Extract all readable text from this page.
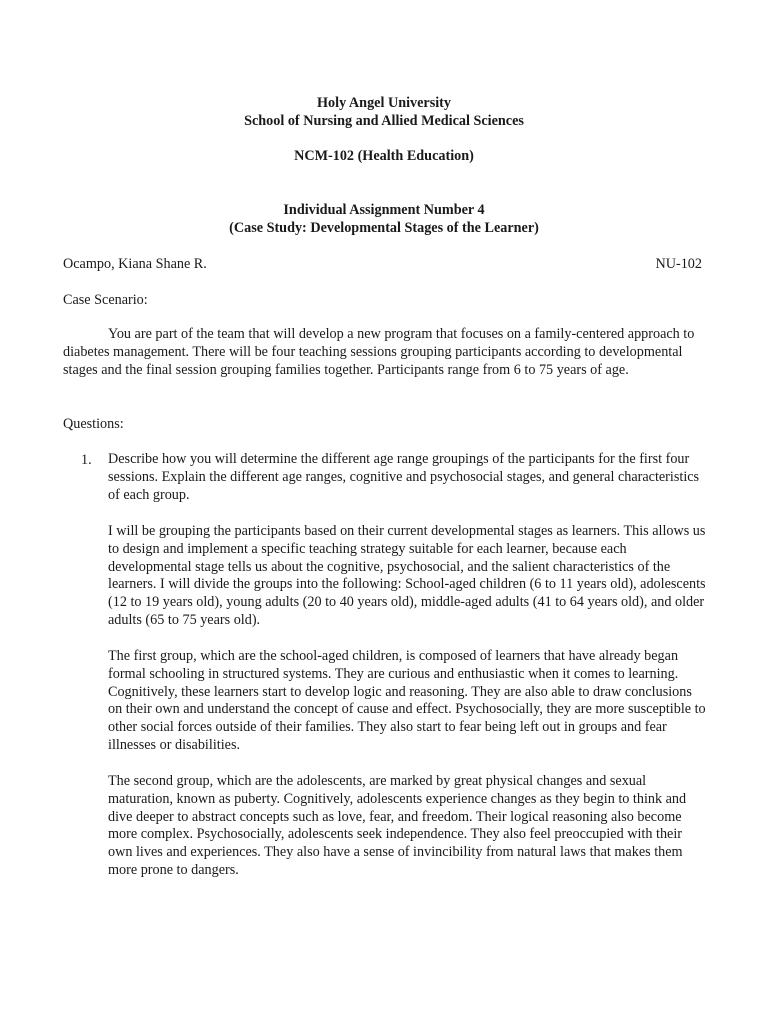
Holy Angel University
School of Nursing and Allied Medical Sciences
NCM-102 (Health Education)
Individual Assignment Number 4
(Case Study: Developmental Stages of the Learner)
Ocampo, Kiana Shane R.	NU-102
Case Scenario:
You are part of the team that will develop a new program that focuses on a family-centered approach to diabetes management. There will be four teaching sessions grouping participants according to developmental stages and the final session grouping families together. Participants range from 6 to 75 years of age.
Questions:
1. Describe how you will determine the different age range groupings of the participants for the first four sessions. Explain the different age ranges, cognitive and psychosocial stages, and general characteristics of each group.
I will be grouping the participants based on their current developmental stages as learners. This allows us to design and implement a specific teaching strategy suitable for each learner, because each developmental stage tells us about the cognitive, psychosocial, and the salient characteristics of the learners. I will divide the groups into the following: School-aged children (6 to 11 years old), adolescents (12 to 19 years old), young adults (20 to 40 years old), middle-aged adults (41 to 64 years old), and older adults (65 to 75 years old).
The first group, which are the school-aged children, is composed of learners that have already began formal schooling in structured systems. They are curious and enthusiastic when it comes to learning. Cognitively, these learners start to develop logic and reasoning. They are also able to draw conclusions on their own and understand the concept of cause and effect. Psychosocially, they are more susceptible to other social forces outside of their families. They also start to fear being left out in groups and fear illnesses or disabilities.
The second group, which are the adolescents, are marked by great physical changes and sexual maturation, known as puberty. Cognitively, adolescents experience changes as they begin to think and dive deeper to abstract concepts such as love, fear, and freedom. Their logical reasoning also become more complex. Psychosocially, adolescents seek independence. They also feel preoccupied with their own lives and experiences. They also have a sense of invincibility from natural laws that makes them more prone to dangers.
